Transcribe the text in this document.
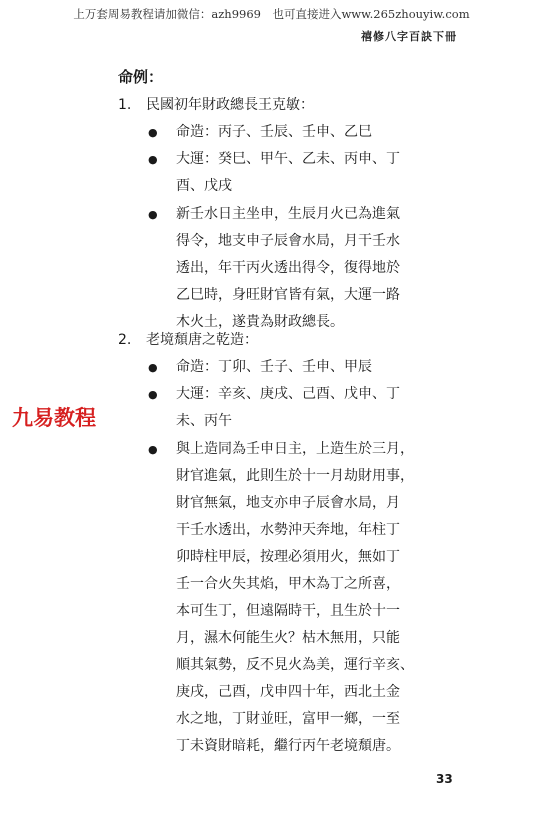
上万套周易教程请加微信：azh9969　也可直接进入www.265zhouyiw.com
禧修八字百訣下冊
九易教程
命例：
1. 民國初年財政總長王克敏：
● 命造：丙子、壬辰、壬申、乙巳
● 大運：癸巳、甲午、乙未、丙申、丁
酉、戊戌
● 新壬水日主坐申，生辰月火已為進氣
得令，地支申子辰會水局，月干壬水
透出，年干丙火透出得令，復得地於
乙巳時，身旺財官皆有氣，大運一路
木火土，遂貴為財政總長。
2. 老境頹唐之乾造：
● 命造：丁卯、壬子、壬申、甲辰
● 大運：辛亥、庚戌、己酉、戊申、丁
未、丙午
● 與上造同為壬申日主，上造生於三月，
財官進氣，此則生於十一月劫財用事，
財官無氣，地支亦申子辰會水局，月
干壬水透出，水勢沖天奔地，年柱丁
卯時柱甲辰，按理必須用火，無如丁
壬一合火失其焰，甲木為丁之所喜，
本可生丁，但遠隔時干，且生於十一
月，濕木何能生火？枯木無用，只能
順其氣勢，反不見火為美，運行辛亥、
庚戌，己酉，戊申四十年，西北土金
水之地，丁財並旺，富甲一鄉，一至
丁未資財暗耗，繼行丙午老境頹唐。
33
